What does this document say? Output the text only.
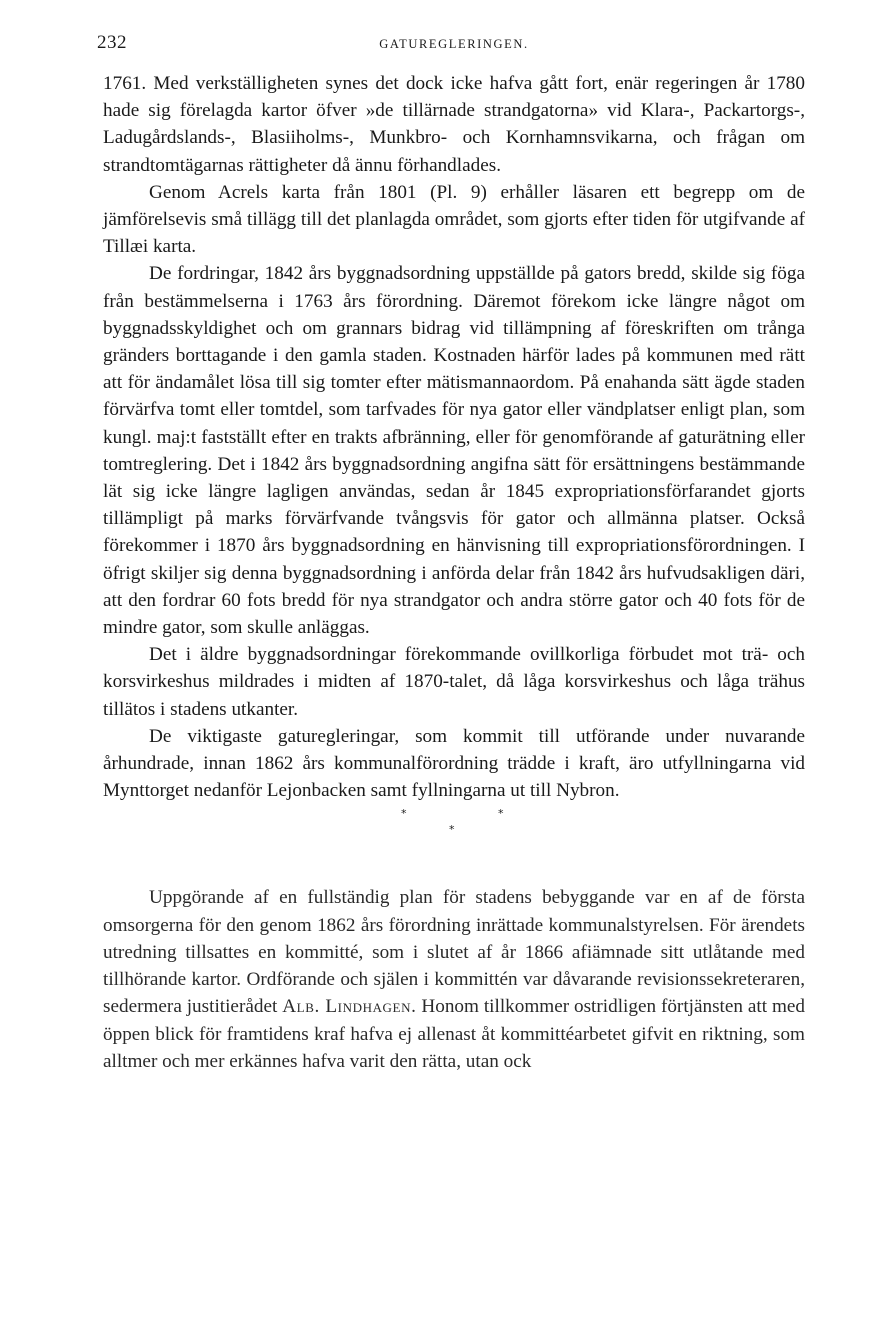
232	GATUREGLERINGEN.

1761. Med verkställigheten synes det dock icke hafva gått fort, enär regeringen år 1780 hade sig förelagda kartor öfver »de tillärnade strandgatorna» vid Klara-, Packartorgs-, Ladugårdslands-, Blasiiholms-, Munkbro- och Kornhamnsvikarna, och frågan om strandtomtägarnas rättigheter då ännu förhandlades.

Genom Acrels karta från 1801 (Pl. 9) erhåller läsaren ett begrepp om de jämförelsevis små tillägg till det planlagda området, som gjorts efter tiden för utgifvande af Tillæi karta.

De fordringar, 1842 års byggnadsordning uppställde på gators bredd, skilde sig föga från bestämmelserna i 1763 års förordning. Däremot förekom icke längre något om byggnadsskyldighet och om grannars bidrag vid tillämpning af föreskriften om trånga gränders borttagande i den gamla staden. Kostnaden härför lades på kommunen med rätt att för ändamålet lösa till sig tomter efter mätismannaordom. På enahanda sätt ägde staden förvärfva tomt eller tomtdel, som tarfvades för nya gator eller vändplatser enligt plan, som kungl. maj:t fastställt efter en trakts afbränning, eller för genomförande af gaturätning eller tomtreglering. Det i 1842 års byggnadsordning angifna sätt för ersättningens bestämmande lät sig icke längre lagligen användas, sedan år 1845 expropriationsförfarandet gjorts tillämpligt på marks förvärfvande tvångsvis för gator och allmänna platser. Också förekommer i 1870 års byggnadsordning en hänvisning till expropriationsförordningen. I öfrigt skiljer sig denna byggnadsordning i anförda delar från 1842 års hufvudsakligen däri, att den fordrar 60 fots bredd för nya strandgator och andra större gator och 40 fots för de mindre gator, som skulle anläggas.

Det i äldre byggnadsordningar förekommande ovillkorliga förbudet mot trä- och korsvirkeshus mildrades i midten af 1870-talet, då låga korsvirkeshus och låga trähus tillätos i stadens utkanter.

De viktigaste gaturegleringar, som kommit till utförande under nuvarande århundrade, innan 1862 års kommunalförordning trädde i kraft, äro utfyllningarna vid Mynttorget nedanför Lejonbacken samt fyllningarna ut till Nybron.

*	*
*

Uppgörande af en fullständig plan för stadens bebyggande var en af de första omsorgerna för den genom 1862 års förordning inrättade kommunalstyrelsen. För ärendets utredning tillsattes en kommitté, som i slutet af år 1866 afiämnade sitt utlåtande med tillhörande kartor. Ordförande och själen i kommittén var dåvarande revisionssekreteraren, sedermera justitierådet Alb. Lindhagen. Honom tillkommer ostridligen förtjänsten att med öppen blick för framtidens kraf hafva ej allenast åt kommittéarbetet gifvit en riktning, som alltmer och mer erkännes hafva varit den rätta, utan ock
